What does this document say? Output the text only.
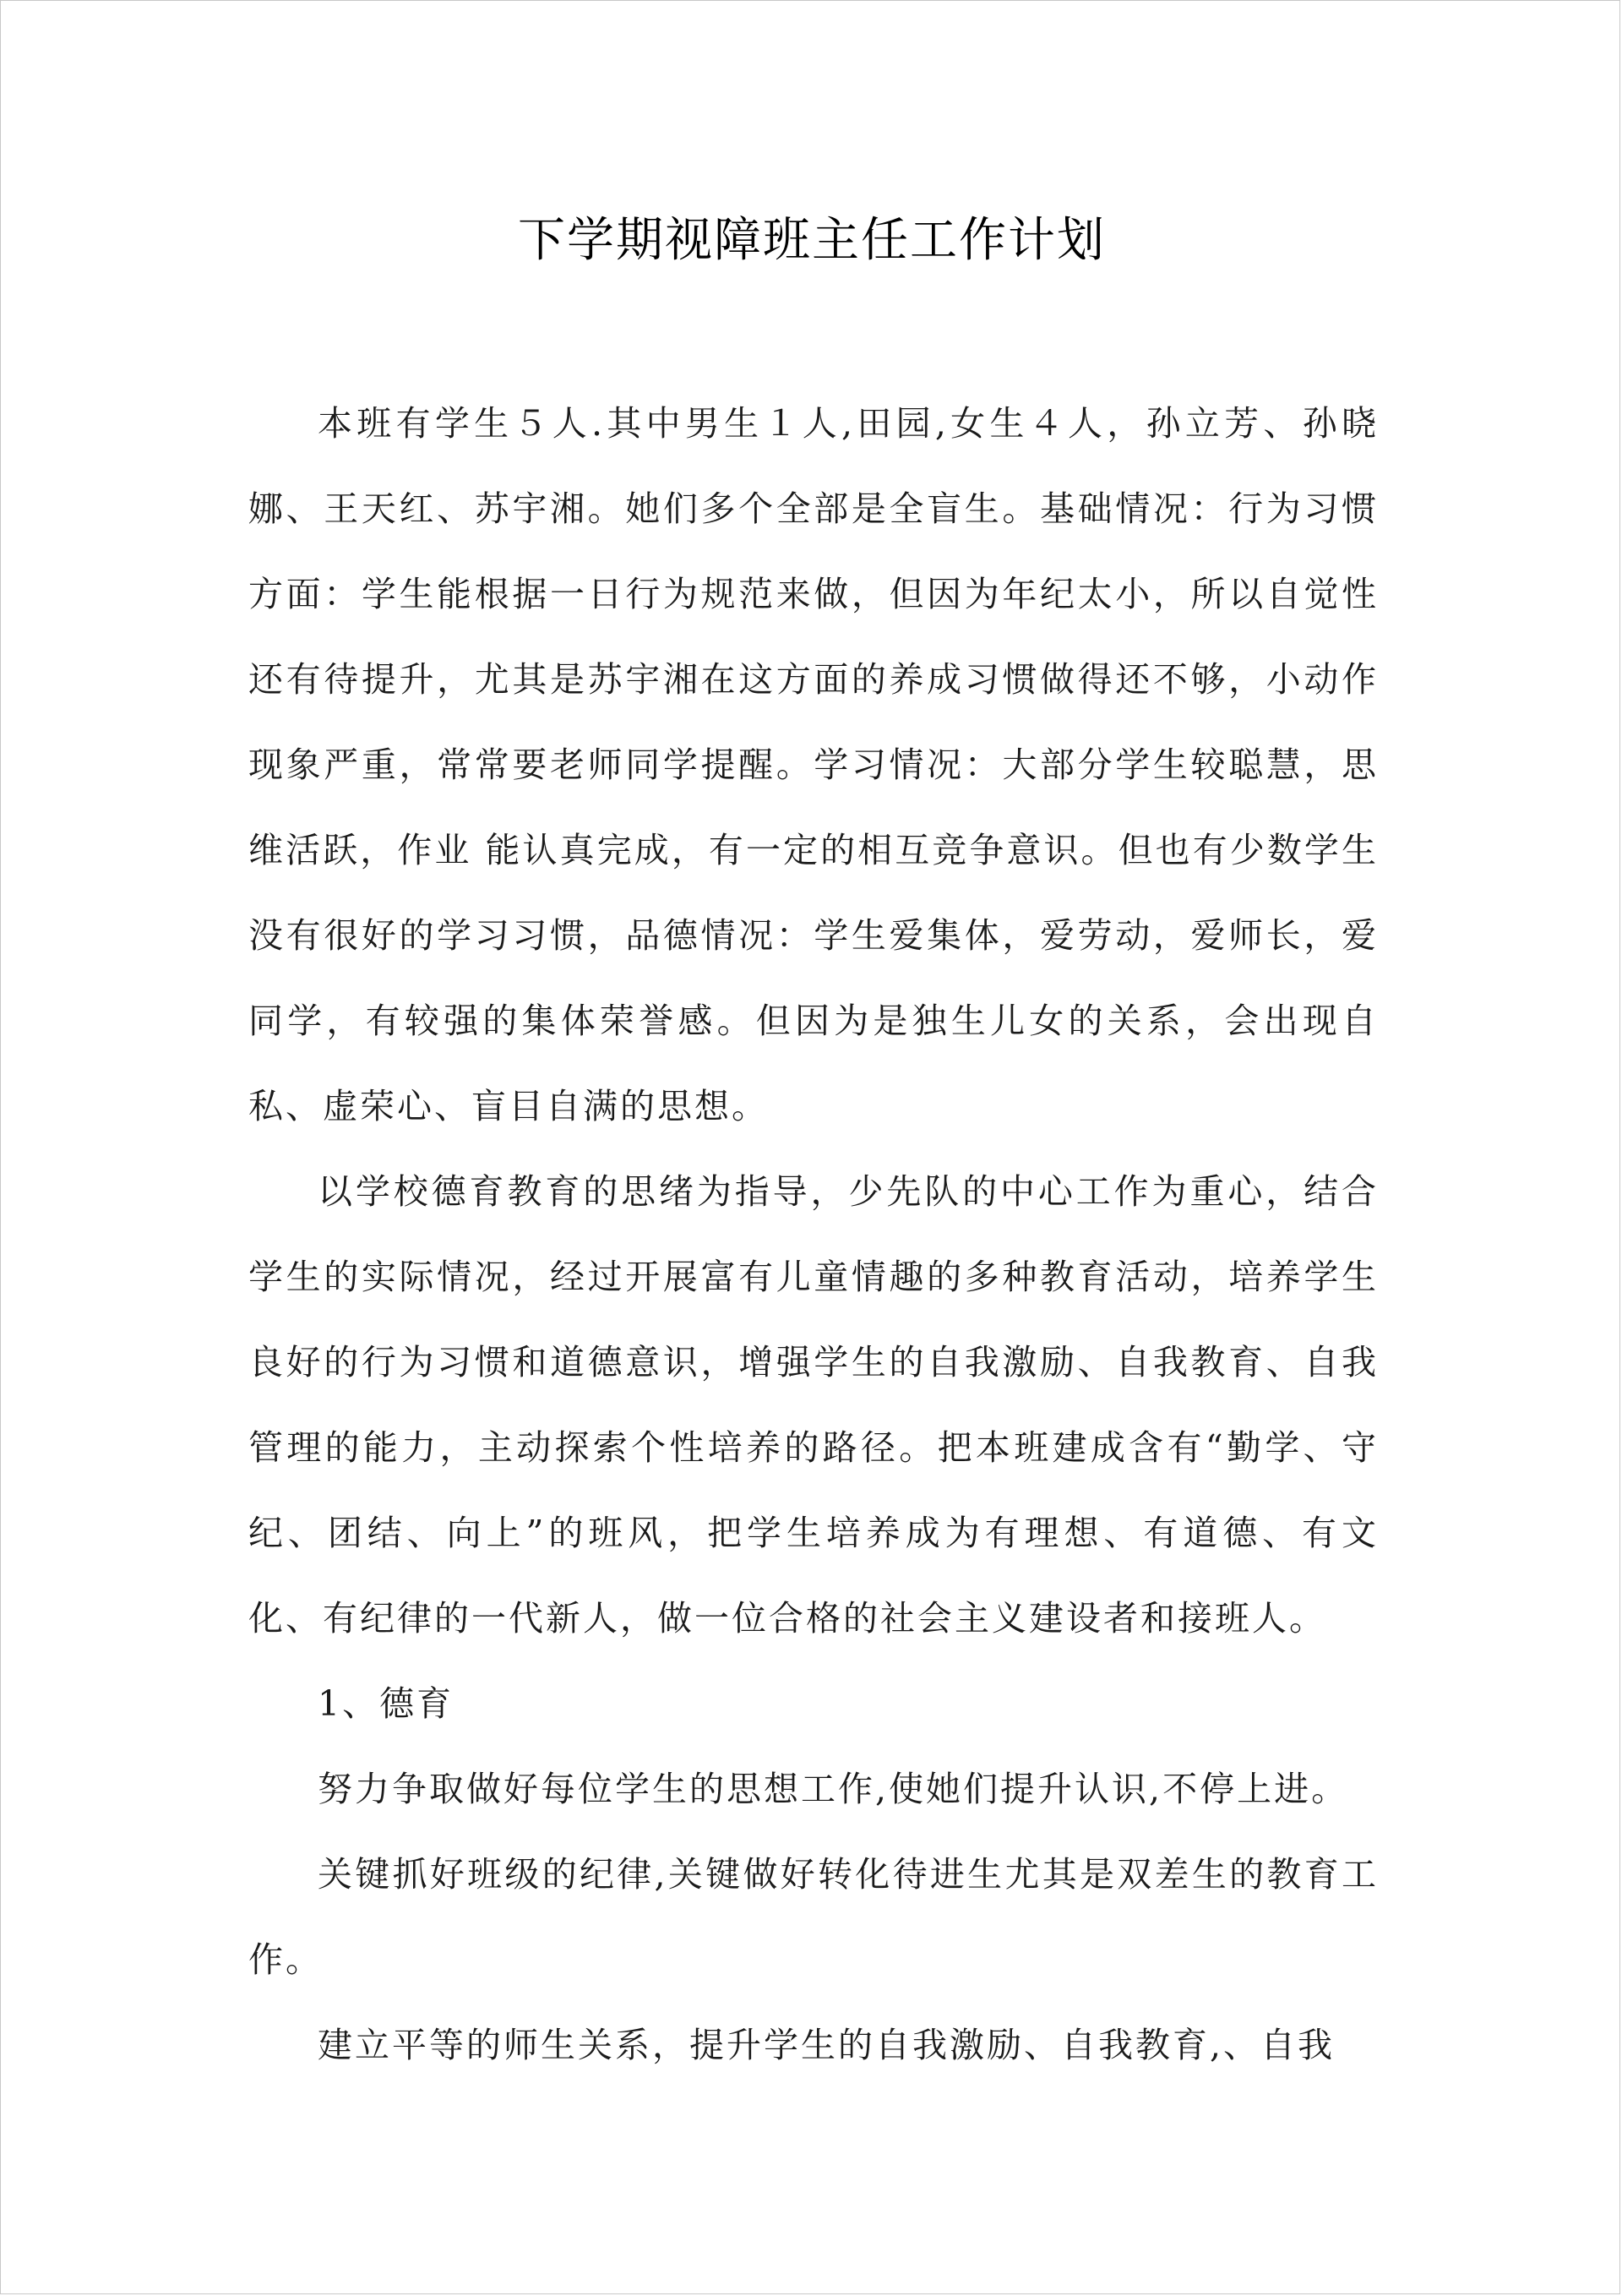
下学期视障班主任工作计划

本班有学生５人.其中男生１人,田园,女生４人，孙立芳、孙晓娜、王天红、苏宇湘。她们多个全部是全盲生。基础情况：行为习惯方面：学生能根据一日行为规范来做，但因为年纪太小，所以自觉性还有待提升，尤其是苏宇湘在这方面的养成习惯做得还不够，小动作现象严重，常常要老师同学提醒。学习情况：大部分学生较聪慧，思维活跃，作业 能认真完成，有一定的相互竞争意识。但也有少数学生没有很好的学习习惯，品德情况：学生爱集体，爱劳动，爱师长，爱同学，有较强的集体荣誉感。但因为是独生儿女的关系，会出现自私、虚荣心、盲目自满的思想。

以学校德育教育的思绪为指导，少先队的中心工作为重心，结合学生的实际情况，经过开展富有儿童情趣的多种教育活动，培养学生良好的行为习惯和道德意识，增强学生的自我激励、自我教育、自我管理的能力，主动探索个性培养的路径。把本班建成含有“勤学、守纪、团结、向上”的班风，把学生培养成为有理想、有道德、有文化、有纪律的一代新人，做一位合格的社会主义建设者和接班人。

1、德育

努力争取做好每位学生的思想工作,使她们提升认识,不停上进。

关键抓好班级的纪律,关键做好转化待进生尤其是双差生的教育工作。

建立平等的师生关系，提升学生的自我激励、自我教育,、自我
